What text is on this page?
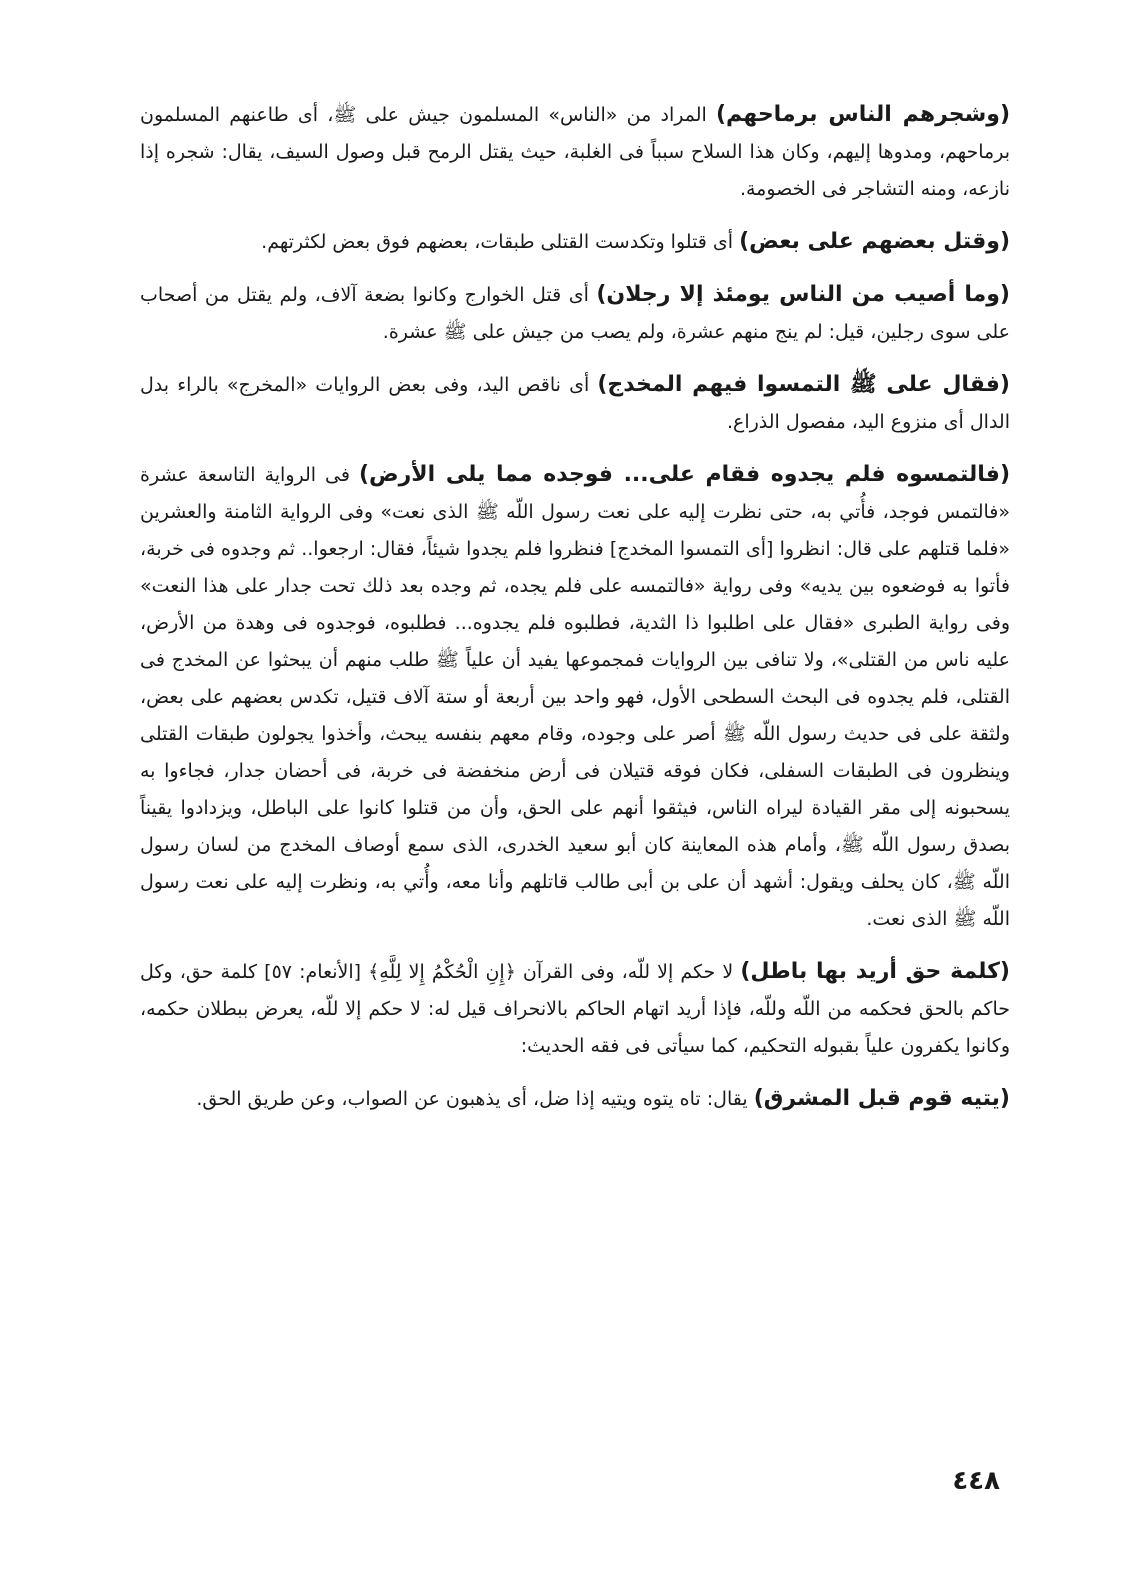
(وشجرهم الناس برماحهم) المراد من «الناس» المسلمون جيش على ﷺ، أى طاعنهم المسلمون برماحهم، ومدوها إليهم، وكان هذا السلاح سبباً فى الغلبة، حيث يقتل الرمح قبل وصول السيف، يقال: شجره إذا نازعه، ومنه التشاجر فى الخصومة.

(وقتل بعضهم على بعض) أى قتلوا وتكدست القتلى طبقات، بعضهم فوق بعض لكثرتهم.

(وما أصيب من الناس يومئذ إلا رجلان) أى قتل الخوارج وكانوا بضعة آلاف، ولم يقتل من أصحاب على سوى رجلين، قيل: لم ينج منهم عشرة، ولم يصب من جيش على ﷺ عشرة.

(فقال على ﷺ التمسوا فيهم المخدج) أى ناقص اليد، وفى بعض الروايات «المخرج» بالراء بدل الدال أى منزوع اليد، مفصول الذراع.

(فالتمسوه فلم يجدوه فقام على... فوجده مما يلى الأرض) فى الرواية التاسعة عشرة «فالتمس فوجد، فأُتي به، حتى نظرت إليه على نعت رسول اللّه ﷺ الذى نعت» وفى الرواية الثامنة والعشرين «فلما قتلهم على قال: انظروا [أى التمسوا المخدج] فنظروا فلم يجدوا شيئاً، فقال: ارجعوا.. ثم وجدوه فى خربة، فأتوا به فوضعوه بين يديه» وفى رواية «فالتمسه على فلم يجده، ثم وجده بعد ذلك تحت جدار على هذا النعت» وفى رواية الطبرى «فقال على اطلبوا ذا الثدية، فطلبوه فلم يجدوه... فطلبوه، فوجدوه فى وهدة من الأرض، عليه ناس من القتلى»، ولا تنافى بين الروايات فمجموعها يفيد أن علياً ﷺ طلب منهم أن يبحثوا عن المخدج فى القتلى، فلم يجدوه فى البحث السطحى الأول، فهو واحد بين أربعة أو ستة آلاف قتيل، تكدس بعضهم على بعض، ولثقة على فى حديث رسول اللّه ﷺ أصر على وجوده، وقام معهم بنفسه يبحث، وأخذوا يجولون طبقات القتلى وينظرون فى الطبقات السفلى، فكان فوقه قتيلان فى أرض منخفضة فى خربة، فى أحضان جدار، فجاءوا به يسحبونه إلى مقر القيادة ليراه الناس، فيثقوا أنهم على الحق، وأن من قتلوا كانوا على الباطل، ويزدادوا يقيناً بصدق رسول اللّه ﷺ، وأمام هذه المعاينة كان أبو سعيد الخدرى، الذى سمع أوصاف المخدج من لسان رسول اللّه ﷺ، كان يحلف ويقول: أشهد أن على بن أبى طالب قاتلهم وأنا معه، وأُتي به، ونظرت إليه على نعت رسول اللّه ﷺ الذى نعت.

(كلمة حق أريد بها باطل) لا حكم إلا للّه، وفى القرآن ﴿إِنِ الْحُكْمُ إِلا لِلَّهِ﴾ [الأنعام: ٥٧] كلمة حق، وكل حاكم بالحق فحكمه من اللّه وللّه، فإذا أريد اتهام الحاكم بالانحراف قيل له: لا حكم إلا للّه، يعرض ببطلان حكمه، وكانوا يكفرون علياً بقبوله التحكيم، كما سيأتى فى فقه الحديث:

(يتيه قوم قبل المشرق) يقال: تاه يتوه ويتيه إذا ضل، أى يذهبون عن الصواب، وعن طريق الحق.

٤٤٨
